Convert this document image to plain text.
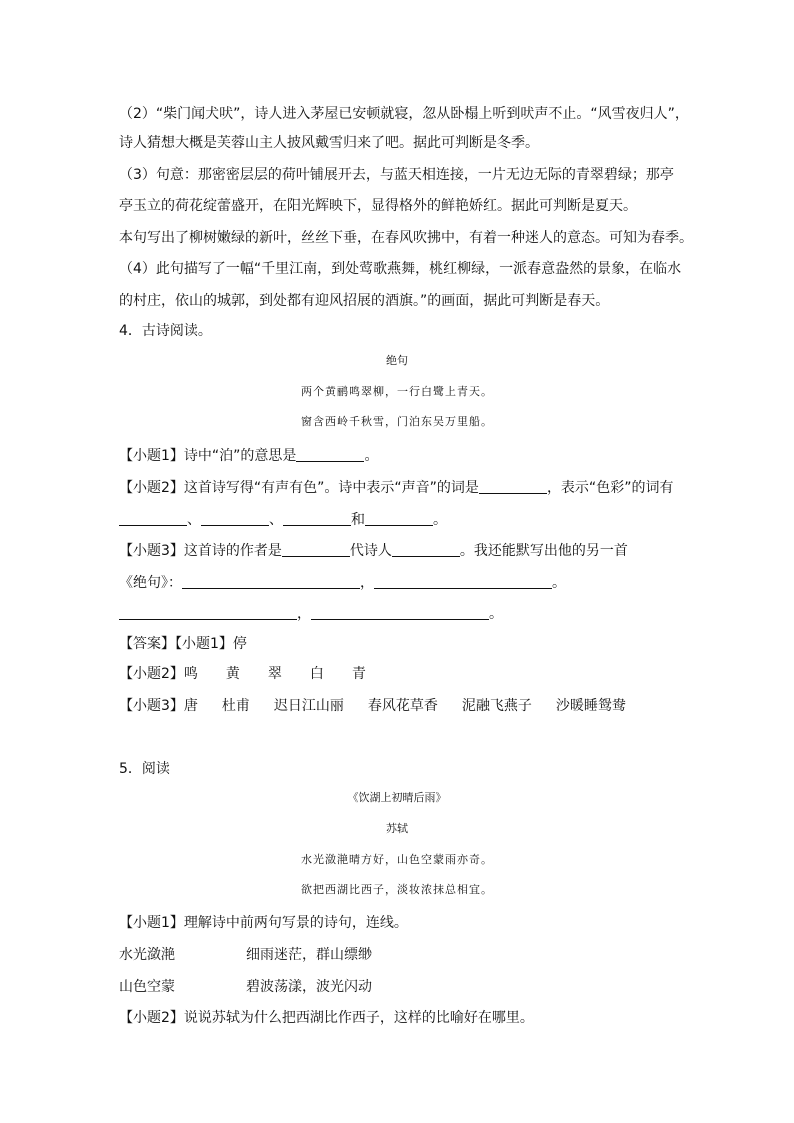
（2）“柴门闻犬吠”，诗人进入茅屋已安顿就寝，忽从卧榻上听到吠声不止。“风雪夜归人”，
诗人猜想大概是芙蓉山主人披风戴雪归来了吧。据此可判断是冬季。
（3）句意：那密密层层的荷叶铺展开去，与蓝天相连接，一片无边无际的青翠碧绿；那亭
亭玉立的荷花绽蕾盛开，在阳光辉映下，显得格外的鲜艳娇红。据此可判断是夏天。
本句写出了柳树嫩绿的新叶，丝丝下垂，在春风吹拂中，有着一种迷人的意态。可知为春季。
（4）此句描写了一幅“千里江南，到处莺歌燕舞，桃红柳绿，一派春意盎然的景象，在临水
的村庄，依山的城郭，到处都有迎风招展的酒旗。”的画面，据此可判断是春天。
4．古诗阅读。
绝句
两个黄鹂鸣翠柳，一行白鹭上青天。
窗含西岭千秋雪，门泊东吴万里船。
【小题1】诗中“泊”的意思是	。
【小题2】这首诗写得“有声有色”。诗中表示“声音”的词是	，表示“色彩”的词有
、	、	和	。
【小题3】这首诗的作者是	代诗人	。我还能默写出他的另一首
《绝句》：	，	。
，	。
【答案】【小题1】停
【小题2】鸣 黄 翠 白 青
【小题3】唐 杜甫 迟日江山丽 春风花草香 泥融飞燕子 沙暖睡鸳鸯
5．阅读
《饮湖上初晴后雨》
苏轼
水光潋滟晴方好，山色空蒙雨亦奇。
欲把西湖比西子，淡妆浓抹总相宜。
【小题1】理解诗中前两句写景的诗句，连线。
水光潋滟	细雨迷茫，群山缥缈
山色空蒙	碧波荡漾，波光闪动
【小题2】说说苏轼为什么把西湖比作西子，这样的比喻好在哪里。
